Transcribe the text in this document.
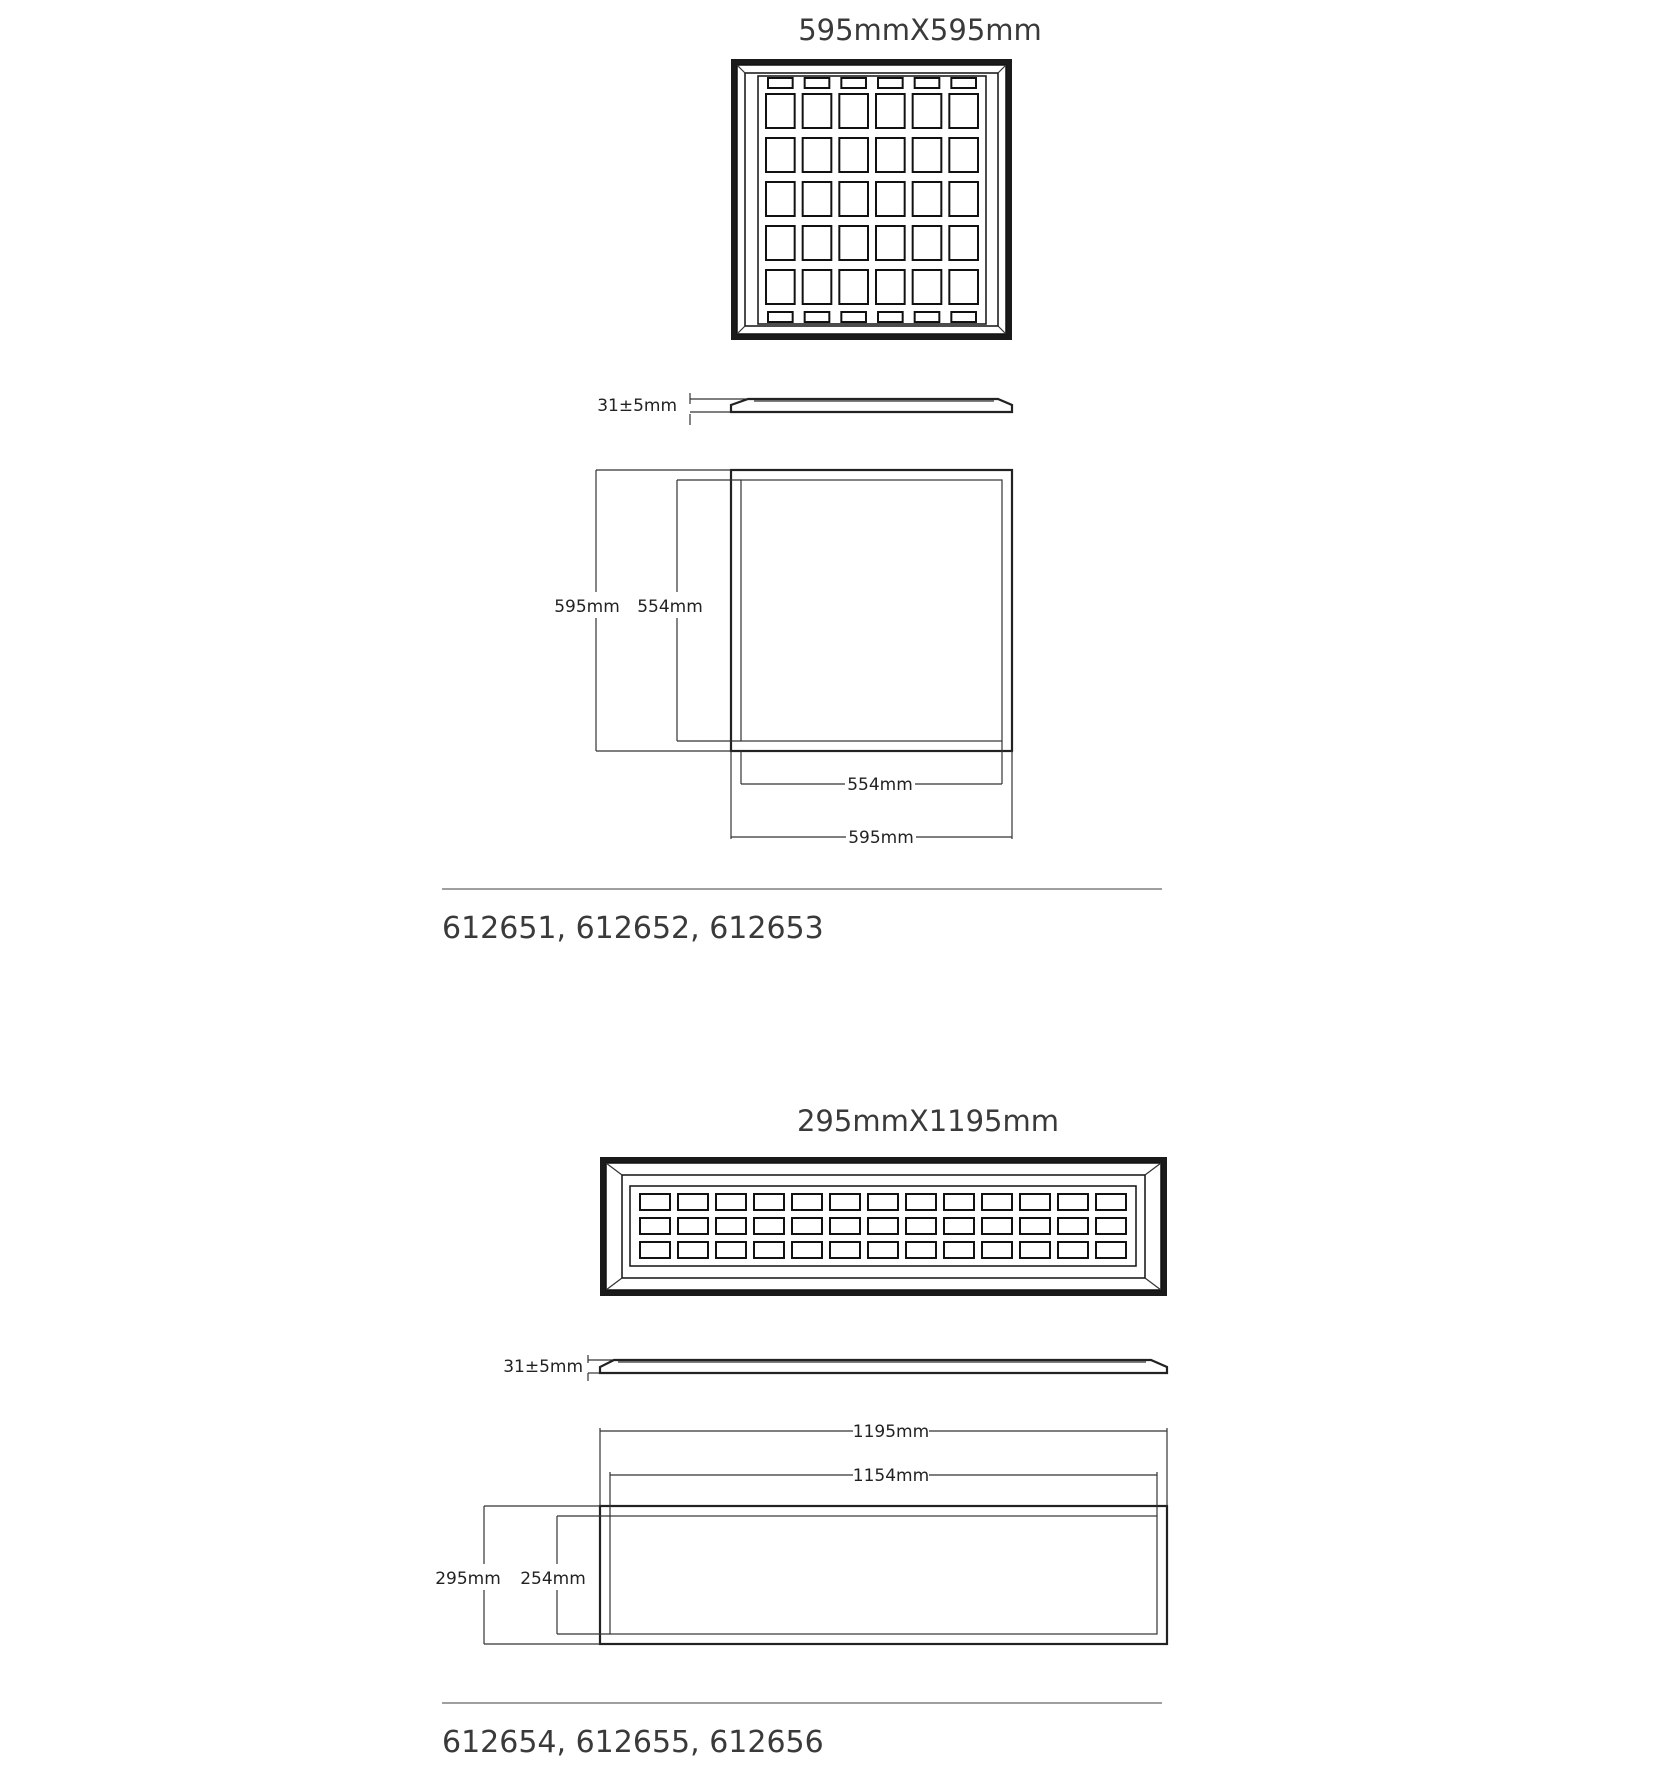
595mmX595mm
31±5mm
595mm 554mm
554mm
595mm
612651, 612652, 612653
295mmX1195mm
31±5mm
1195mm
1154mm
295mm 254mm
612654, 612655, 612656
